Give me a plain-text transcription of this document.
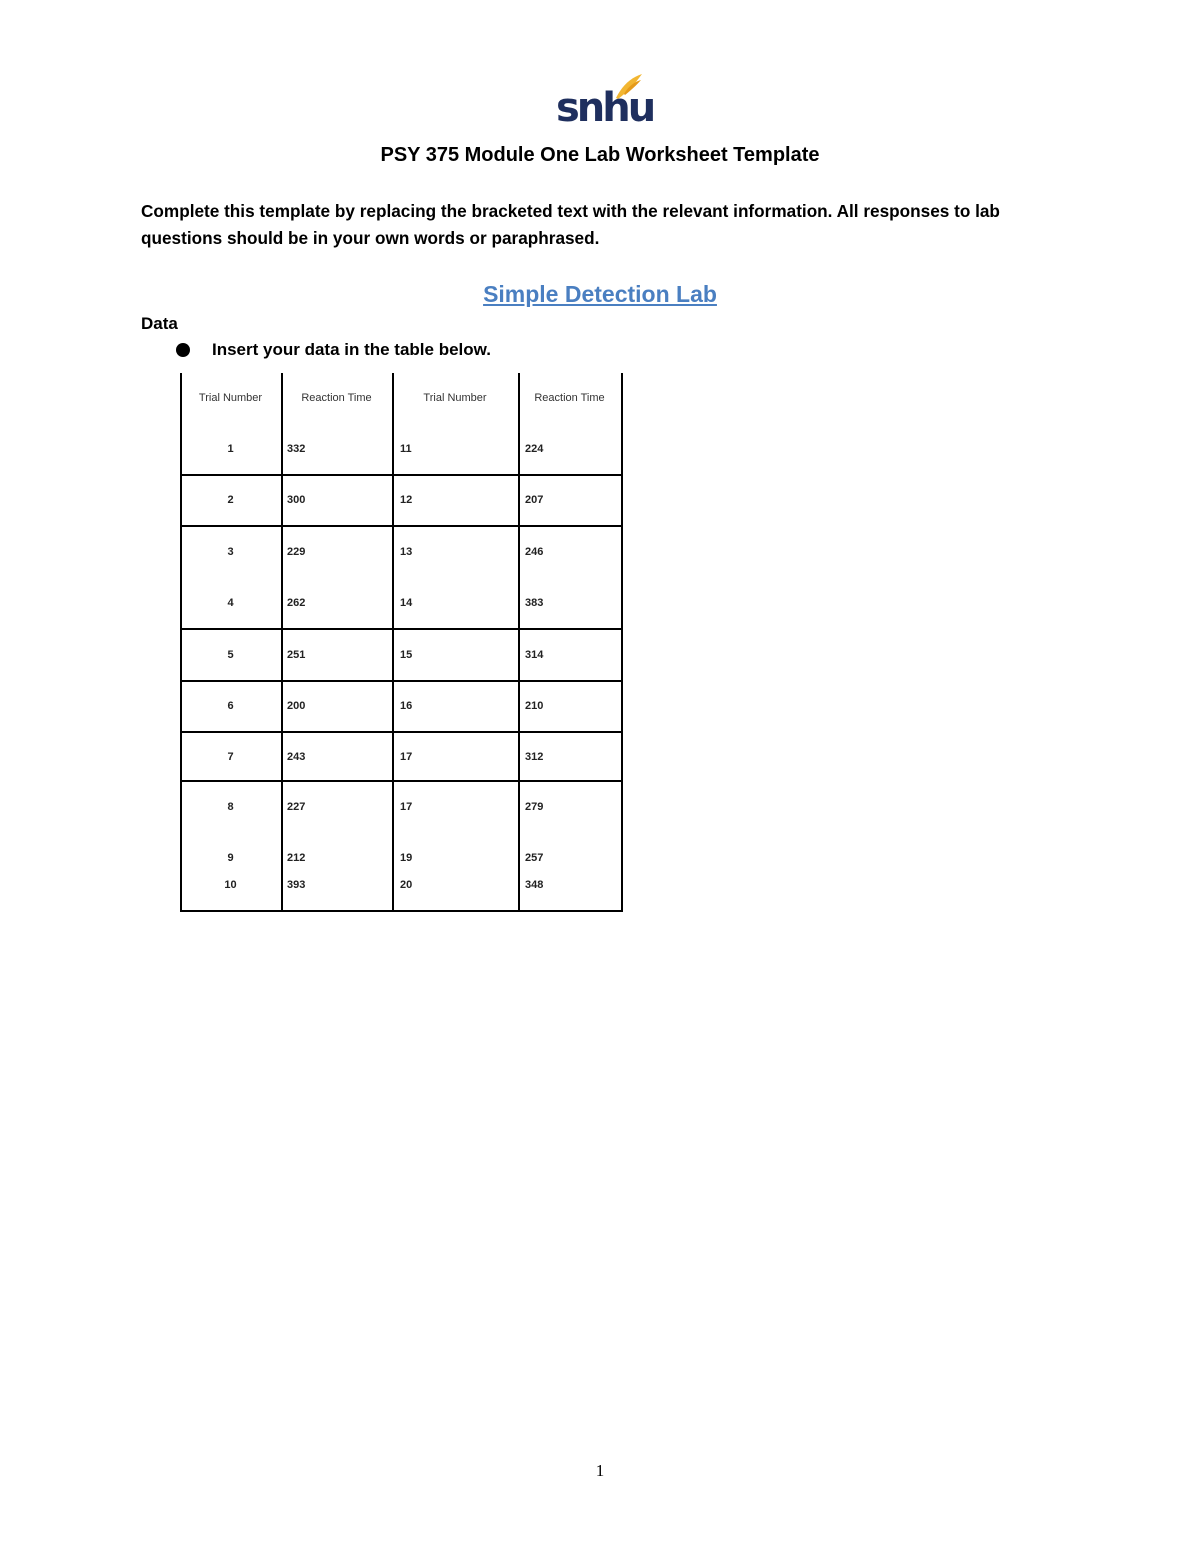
snhu
PSY 375 Module One Lab Worksheet Template
Complete this template by replacing the bracketed text with the relevant information. All responses to lab questions should be in your own words or paraphrased.
Simple Detection Lab
Data
Insert your data in the table below.
Trial Number	Reaction Time	Trial Number	Reaction Time
1	332	11	224
2	300	12	207
3	229	13	246
4	262	14	383
5	251	15	314
6	200	16	210
7	243	17	312
8	227	17	279
9	212	19	257
10	393	20	348
1
